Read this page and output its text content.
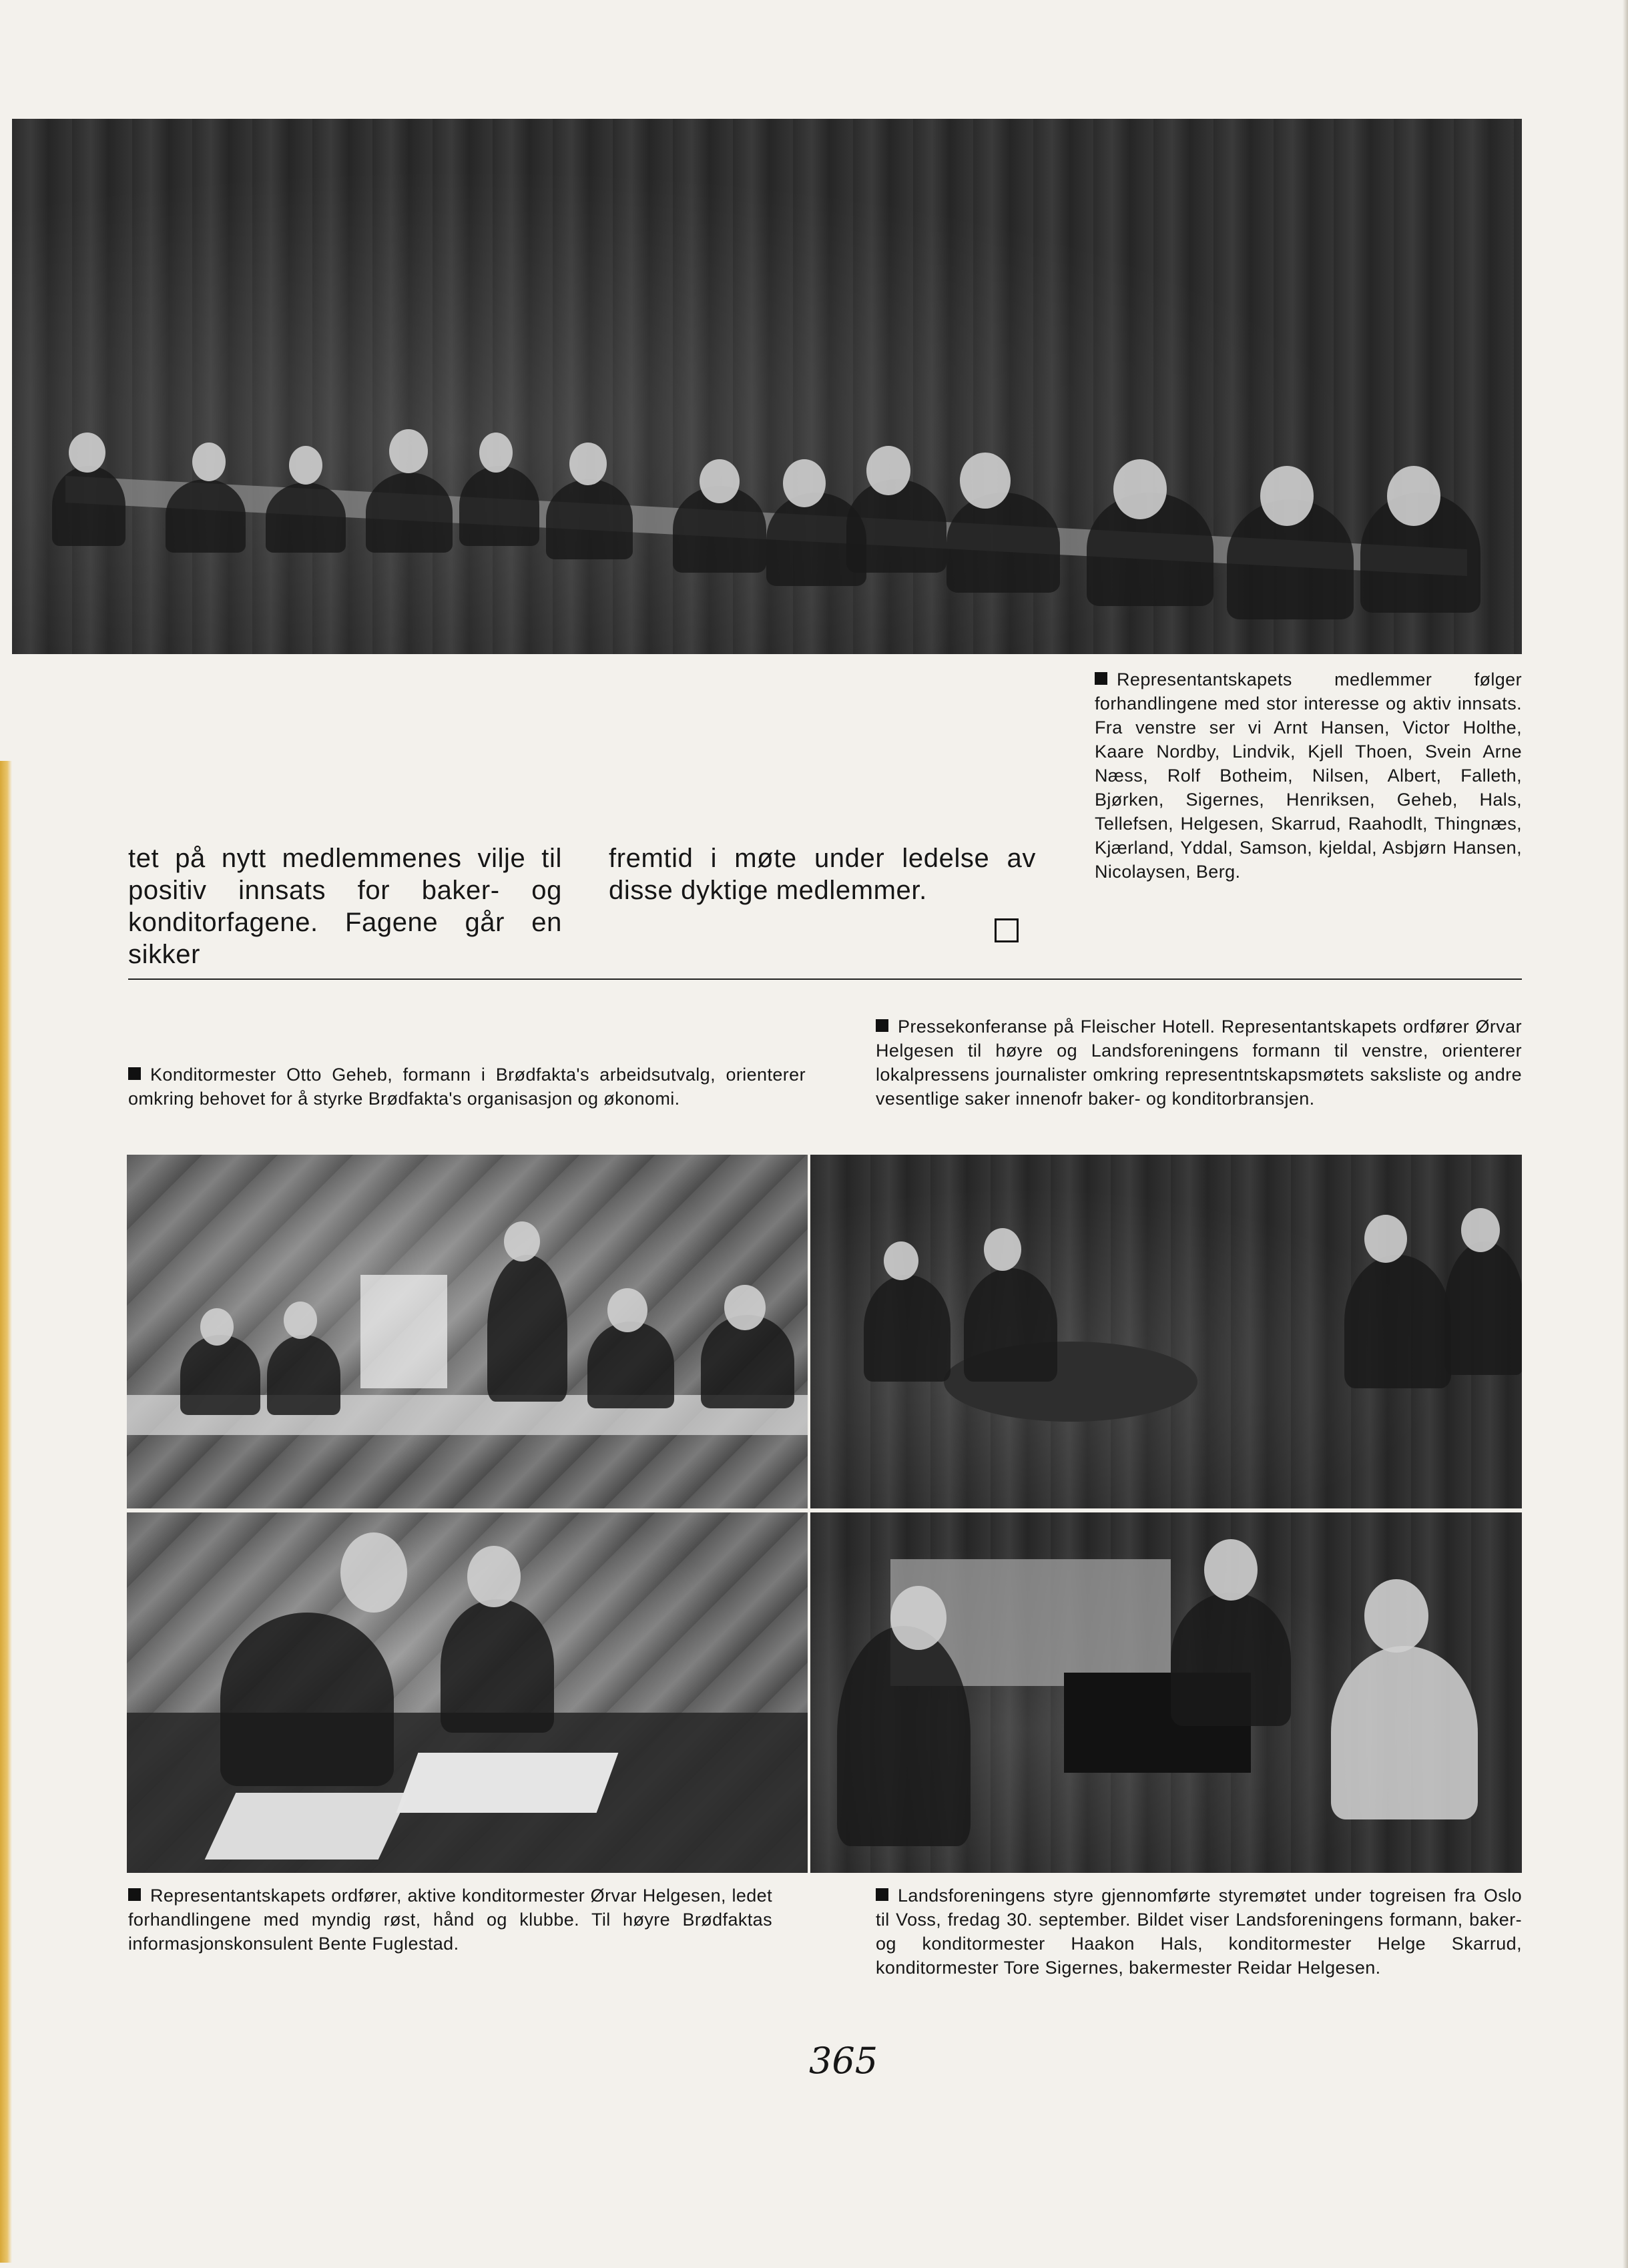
Representantskapets medlemmer følger forhandlingene med stor interesse og aktiv innsats. Fra venstre ser vi Arnt Hansen, Victor Holthe, Kaare Nordby, Lindvik, Kjell Thoen, Svein Arne Næss, Rolf Botheim, Nilsen, Albert, Falleth, Bjørken, Sigernes, Henriksen, Geheb, Hals, Tellefsen, Helgesen, Skarrud, Raahodlt, Thingnæs, Kjærland, Yddal, Samson, kjeldal, Asbjørn Hansen, Nicolaysen, Berg.

tet på nytt medlemmenes vilje til positiv innsats for baker- og konditorfagene. Fagene går en sikker

fremtid i møte under ledelse av disse dyktige medlemmer.

Konditormester Otto Geheb, formann i Brødfakta's arbeidsutvalg, orienterer omkring behovet for å styrke Brødfakta's organisasjon og økonomi.

Pressekonferanse på Fleischer Hotell. Representantskapets ordfører Ørvar Helgesen til høyre og Landsforeningens formann til venstre, orienterer lokalpressens journalister omkring representntskapsmøtets saksliste og andre vesentlige saker innenofr baker- og konditorbransjen.

Representantskapets ordfører, aktive konditormester Ørvar Helgesen, ledet forhandlingene med myndig røst, hånd og klubbe. Til høyre Brødfaktas informasjonskonsulent Bente Fuglestad.

Landsforeningens styre gjennomførte styremøtet under togreisen fra Oslo til Voss, fredag 30. september. Bildet viser Landsforeningens formann, baker- og konditormester Haakon Hals, konditormester Helge Skarrud, konditormester Tore Sigernes, bakermester Reidar Helgesen.

365
